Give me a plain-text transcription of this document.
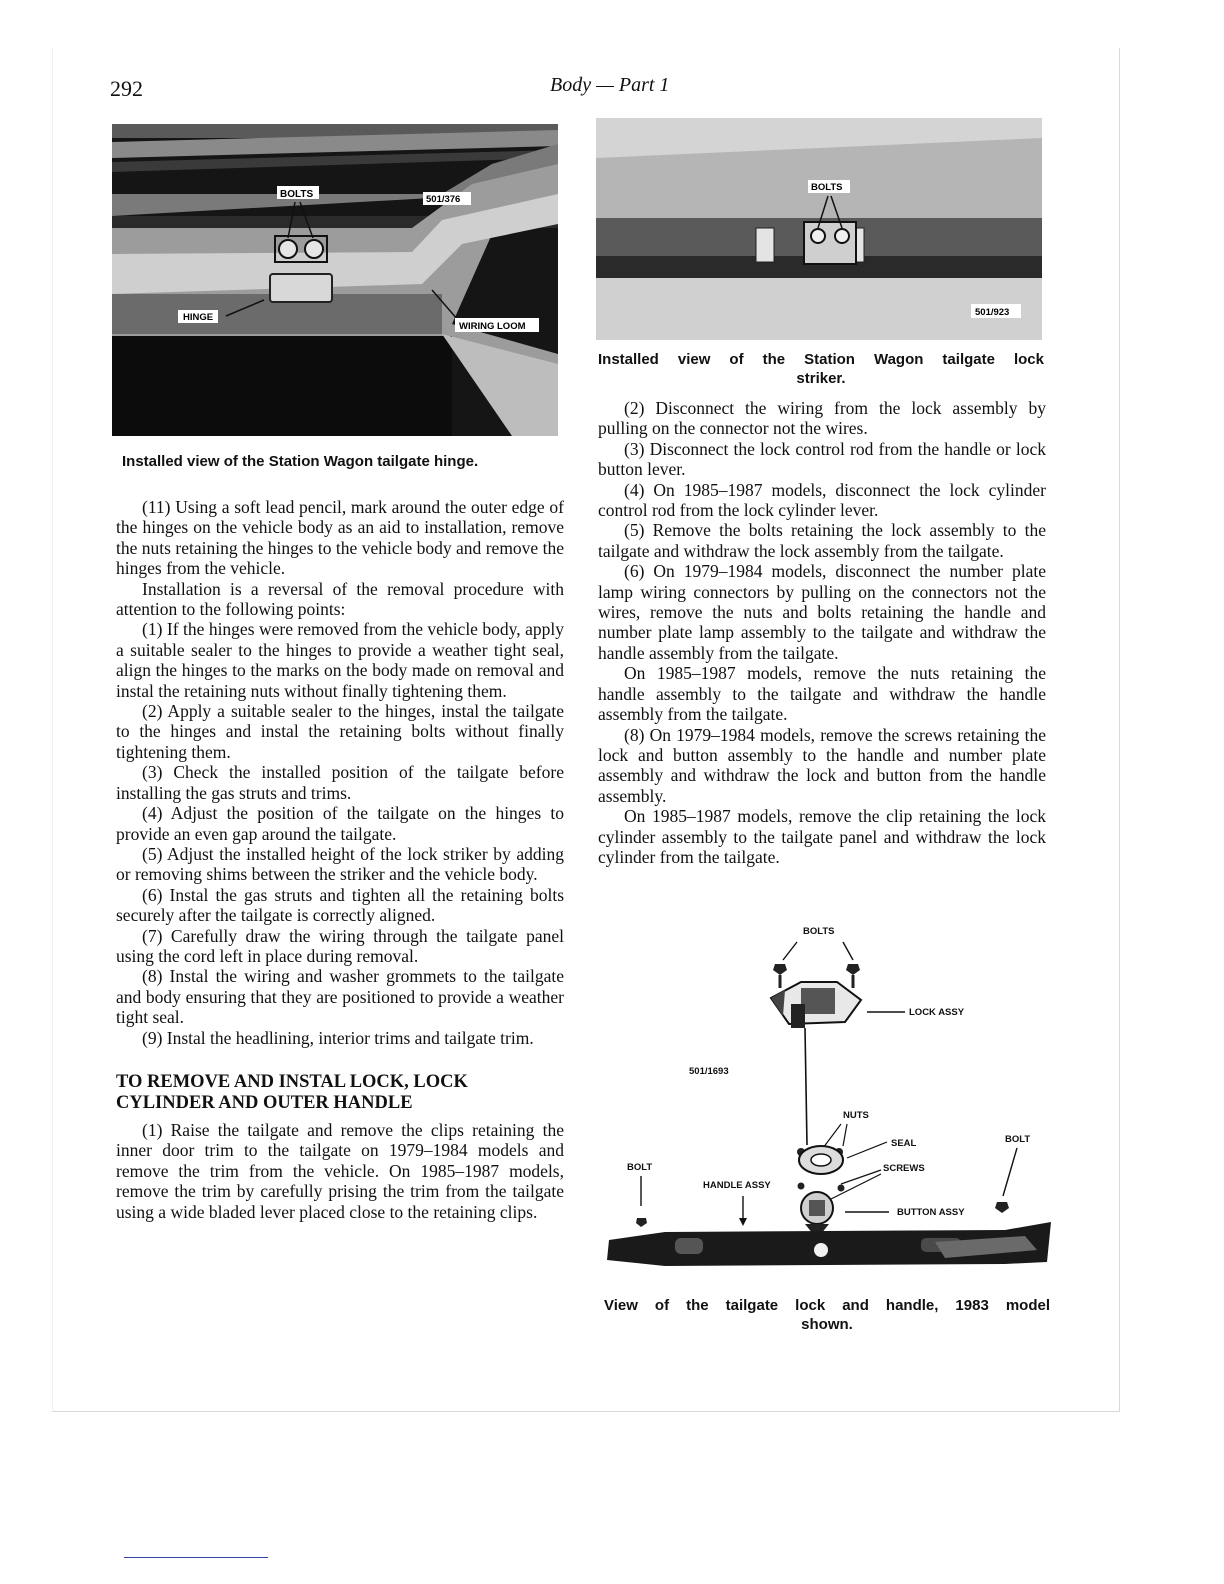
292	Body — Part 1
BOLTS	501/376
HINGE
WIRING LOOM
Installed view of the Station Wagon tailgate hinge.
BOLTS
501/923
Installed view of the Station Wagon tailgate lock
striker.

(11) Using a soft lead pencil, mark around the outer edge of the hinges on the vehicle body as an aid to installation, remove the nuts retaining the hinges to the vehicle body and remove the hinges from the vehicle.

Installation is a reversal of the removal procedure with attention to the following points:

(1) If the hinges were removed from the vehicle body, apply a suitable sealer to the hinges to provide a weather tight seal, align the hinges to the marks on the body made on removal and instal the retaining nuts without finally tightening them.

(2) Apply a suitable sealer to the hinges, instal the tailgate to the hinges and instal the retaining bolts without finally tightening them.

(3) Check the installed position of the tailgate before installing the gas struts and trims.

(4) Adjust the position of the tailgate on the hinges to provide an even gap around the tailgate.

(5) Adjust the installed height of the lock striker by adding or removing shims between the striker and the vehicle body.

(6) Instal the gas struts and tighten all the retaining bolts securely after the tailgate is correctly aligned.

(7) Carefully draw the wiring through the tailgate panel using the cord left in place during removal.

(8) Instal the wiring and washer grommets to the tailgate and body ensuring that they are positioned to provide a weather tight seal.

(9) Instal the headlining, interior trims and tailgate trim.

TO REMOVE AND INSTAL LOCK, LOCK CYLINDER AND OUTER HANDLE

(1) Raise the tailgate and remove the clips retaining the inner door trim to the tailgate on 1979–1984 models and remove the trim from the vehicle. On 1985–1987 models, remove the trim by carefully prising the trim from the tailgate using a wide bladed lever placed close to the retaining clips.

(2) Disconnect the wiring from the lock assembly by pulling on the connector not the wires.

(3) Disconnect the lock control rod from the handle or lock button lever.

(4) On 1985–1987 models, disconnect the lock cylinder control rod from the lock cylinder lever.

(5) Remove the bolts retaining the lock assembly to the tailgate and withdraw the lock assembly from the tailgate.

(6) On 1979–1984 models, disconnect the number plate lamp wiring connectors by pulling on the connectors not the wires, remove the nuts and bolts retaining the handle and number plate lamp assembly to the tailgate and withdraw the handle assembly from the tailgate.

On 1985–1987 models, remove the nuts retaining the handle assembly to the tailgate and withdraw the handle assembly from the tailgate.

(8) On 1979–1984 models, remove the screws retaining the lock and button assembly to the handle and number plate assembly and withdraw the lock and button from the handle assembly.

On 1985–1987 models, remove the clip retaining the lock cylinder assembly to the tailgate panel and withdraw the lock cylinder from the tailgate.

BOLTS
LOCK ASSY
501/1693
NUTS
SEAL	BOLT
SCREWS
BUTTON ASSY
BOLT
HANDLE ASSY
View of the tailgate lock and handle, 1983 model
shown.
